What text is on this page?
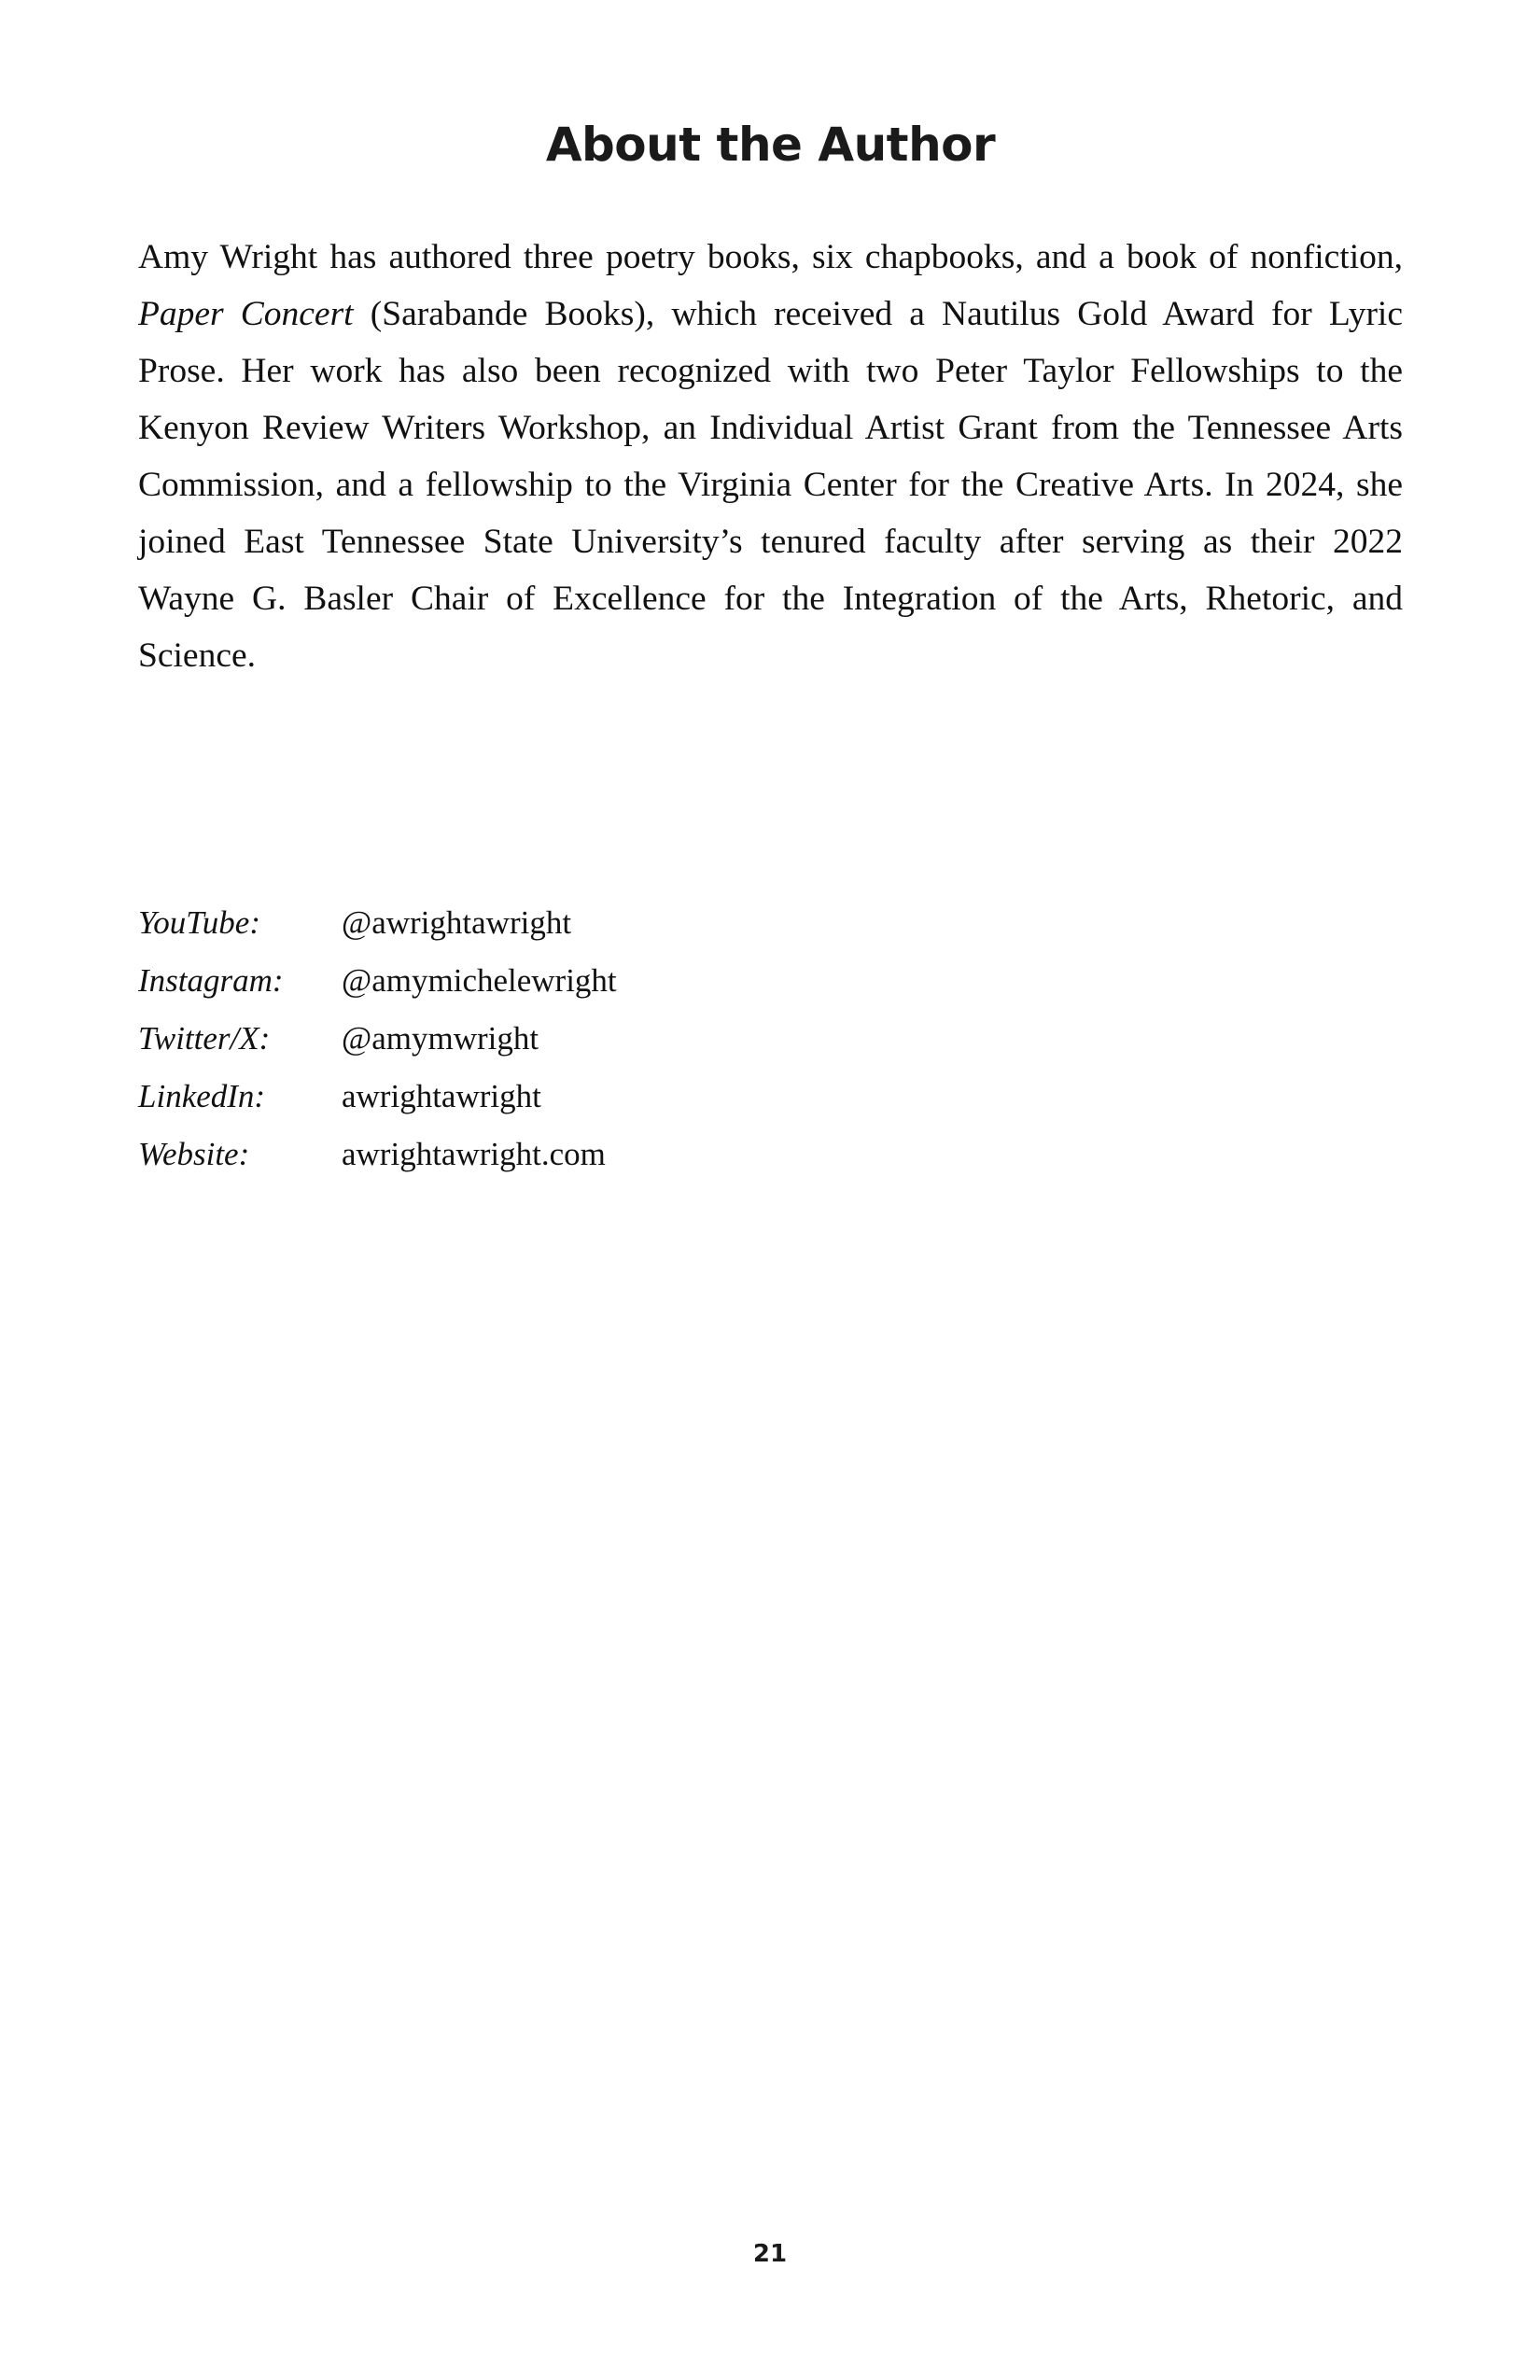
About the Author

Amy Wright has authored three poetry books, six chapbooks, and a book of nonfiction, Paper Concert (Sarabande Books), which received a Nautilus Gold Award for Lyric Prose. Her work has also been recognized with two Peter Taylor Fellowships to the Kenyon Review Writers Workshop, an Individual Artist Grant from the Tennessee Arts Commission, and a fellowship to the Virginia Center for the Creative Arts. In 2024, she joined East Tennessee State University’s tenured faculty after serving as their 2022 Wayne G. Basler Chair of Excellence for the Integration of the Arts, Rhetoric, and Science.

YouTube:	@awrightawright
Instagram:	@amymichelewright
Twitter/X:	@amymwright
LinkedIn:	awrightawright
Website:	awrightawright.com
21
